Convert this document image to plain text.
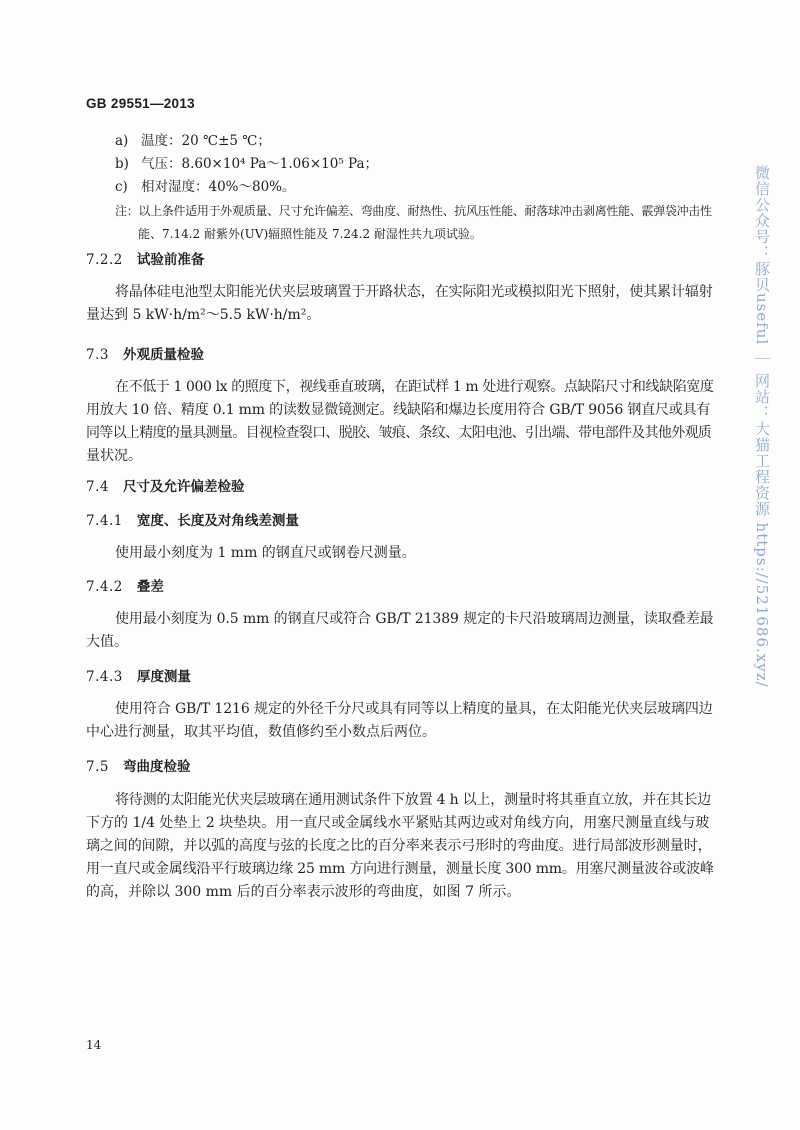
GB 29551—2013
a) 温度：20 ℃±5 ℃；
b) 气压：8.60×10⁴ Pa～1.06×10⁵ Pa；
c) 相对湿度：40%～80%。
注：以上条件适用于外观质量、尺寸允许偏差、弯曲度、耐热性、抗风压性能、耐落球冲击剥离性能、霰弹袋冲击性
能、7.14.2 耐紫外(UV)辐照性能及 7.24.2 耐湿性共九项试验。
7.2.2 试验前准备
将晶体硅电池型太阳能光伏夹层玻璃置于开路状态，在实际阳光或模拟阳光下照射，使其累计辐射
量达到 5 kW·h/m²～5.5 kW·h/m²。
7.3 外观质量检验
在不低于 1 000 lx 的照度下，视线垂直玻璃，在距试样 1 m 处进行观察。点缺陷尺寸和线缺陷宽度
用放大 10 倍、精度 0.1 mm 的读数显微镜测定。线缺陷和爆边长度用符合 GB/T 9056 钢直尺或具有
同等以上精度的量具测量。目视检查裂口、脱胶、皱痕、条纹、太阳电池、引出端、带电部件及其他外观质
量状况。
7.4 尺寸及允许偏差检验
7.4.1 宽度、长度及对角线差测量
使用最小刻度为 1 mm 的钢直尺或钢卷尺测量。
7.4.2 叠差
使用最小刻度为 0.5 mm 的钢直尺或符合 GB/T 21389 规定的卡尺沿玻璃周边测量，读取叠差最
大值。
7.4.3 厚度测量
使用符合 GB/T 1216 规定的外径千分尺或具有同等以上精度的量具，在太阳能光伏夹层玻璃四边
中心进行测量，取其平均值，数值修约至小数点后两位。
7.5 弯曲度检验
将待测的太阳能光伏夹层玻璃在通用测试条件下放置 4 h 以上，测量时将其垂直立放，并在其长边
下方的 1/4 处垫上 2 块垫块。用一直尺或金属线水平紧贴其两边或对角线方向，用塞尺测量直线与玻
璃之间的间隙，并以弧的高度与弦的长度之比的百分率来表示弓形时的弯曲度。进行局部波形测量时，
用一直尺或金属线沿平行玻璃边缘 25 mm 方向进行测量，测量长度 300 mm。用塞尺测量波谷或波峰
的高，并除以 300 mm 后的百分率表示波形的弯曲度，如图 7 所示。
14
微信公众号：豚贝useful ｜ 网站：大猫工程资源 https://521686.xyz/
